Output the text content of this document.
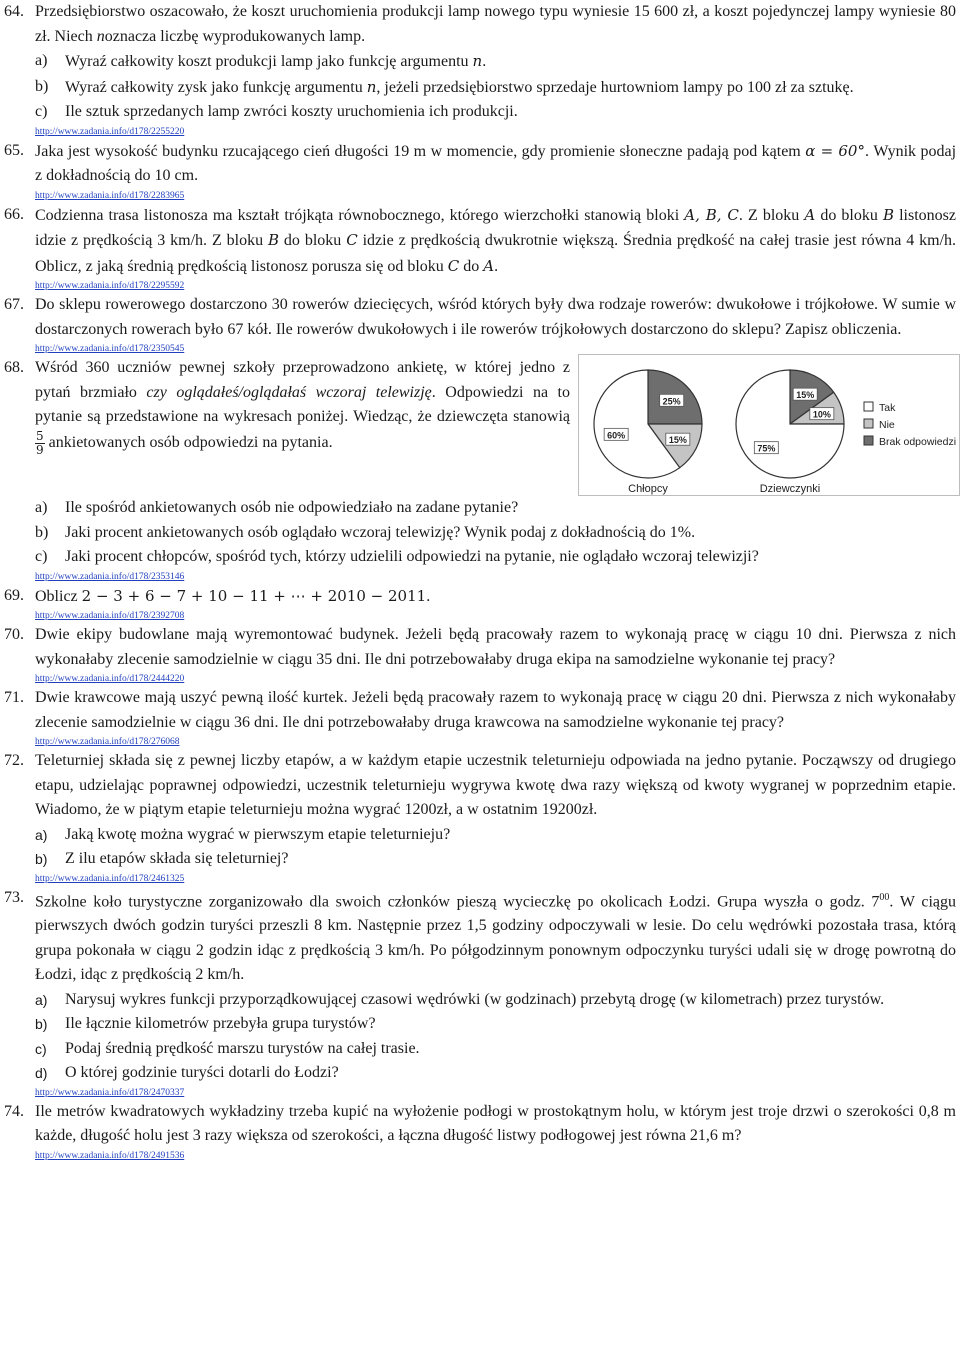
64. Przedsiębiorstwo oszacowało, że koszt uruchomienia produkcji lamp nowego typu wyniesie 15 600 zł, a koszt pojedynczej lampy wyniesie 80 zł. Niech noznacza liczbę wyprodukowanych lamp.

a) Wyraź całkowity koszt produkcji lamp jako funkcję argumentu n.
b) Wyraź całkowity zysk jako funkcję argumentu n, jeżeli przedsiębiorstwo sprzedaje hurtowniom lampy po 100 zł za sztukę.
c) Ile sztuk sprzedanych lamp zwróci koszty uruchomienia ich produkcji.
http://www.zadania.info/d178/2255220
65. Jaka jest wysokość budynku rzucającego cień długości 19 m w momencie, gdy promienie słoneczne padają pod kątem α = 60°. Wynik podaj z dokładnością do 10 cm.

http://www.zadania.info/d178/2283965
66. Codzienna trasa listonosza ma kształt trójkąta równobocznego, którego wierzchołki stanowią bloki A, B, C. Z bloku A do bloku B listonosz idzie z prędkością 3 km/h. Z bloku B do bloku C idzie z prędkością dwukrotnie większą. Średnia prędkość na całej trasie jest równa 4 km/h. Oblicz, z jaką średnią prędkością listonosz porusza się od bloku C do A.

http://www.zadania.info/d178/2295592
67. Do sklepu rowerowego dostarczono 30 rowerów dziecięcych, wśród których były dwa rodzaje rowerów: dwukołowe i trójkołowe. W sumie w dostarczonych rowerach było 67 kół. Ile rowerów dwukołowych i ile rowerów trójkołowych dostarczono do sklepu? Zapisz obliczenia.

http://www.zadania.info/d178/2350545
68.
60%	15%
25%
Chłopcy
75%
10%
15%
Dziewczynki
Tak
Nie
Brak odpowiedzi

Wśród 360 uczniów pewnej szkoły przeprowadzono ankietę, w której jedno z pytań brzmiało czy oglądałeś/oglądałaś wczoraj telewizję. Odpowiedzi na to pytanie są przedstawione na wykresach poniżej. Wiedząc, że dziewczęta stanowią
$\frac{5}{9}$ ankietowanych osób odpowiedzi na pytania.

a) Ile spośród ankietowanych osób nie odpowiedziało na zadane pytanie?
b) Jaki procent ankietowanych osób oglądało wczoraj telewizję? Wynik podaj z dokładnością do 1%.
c) Jaki procent chłopców, spośród tych, którzy udzielili odpowiedzi na pytanie, nie oglądało wczoraj telewizji?
http://www.zadania.info/d178/2353146
69. Oblicz 2 − 3 + 6 − 7 + 10 − 11 + ⋯ + 2010 − 2011.

http://www.zadania.info/d178/2392708
70. Dwie ekipy budowlane mają wyremontować budynek. Jeżeli będą pracowały razem to wykonają pracę w ciągu 10 dni. Pierwsza z nich wykonałaby zlecenie samodzielnie w ciągu 35 dni. Ile dni potrzebowałaby druga ekipa na samodzielne wykonanie tej pracy?

http://www.zadania.info/d178/2444220
71. Dwie krawcowe mają uszyć pewną ilość kurtek. Jeżeli będą pracowały razem to wykonają pracę w ciągu 20 dni. Pierwsza z nich wykonałaby zlecenie samodzielnie w ciągu 36 dni. Ile dni potrzebowałaby druga krawcowa na samodzielne wykonanie tej pracy?

http://www.zadania.info/d178/276068
72. Teleturniej składa się z pewnej liczby etapów, a w każdym etapie uczestnik teleturnieju odpowiada na jedno pytanie. Począwszy od drugiego etapu, udzielając poprawnej odpowiedzi, uczestnik teleturnieju wygrywa kwotę dwa razy większą od kwoty wygranej w poprzednim etapie. Wiadomo, że w piątym etapie teleturnieju można wygrać 1200zł, a w ostatnim 19200zł.

a) Jaką kwotę można wygrać w pierwszym etapie teleturnieju?
b) Z ilu etapów składa się teleturniej?
http://www.zadania.info/d178/2461325
73. Szkolne koło turystyczne zorganizowało dla swoich członków pieszą wycieczkę po okolicach Łodzi. Grupa wyszła o godz. $7^{00}$. W ciągu pierwszych dwóch godzin turyści przeszli 8 km. Następnie przez 1,5 godziny odpoczywali w lesie. Do celu wędrówki pozostała trasa, którą grupa pokonała w ciągu 2 godzin idąc z prędkością 3 km/h. Po półgodzinnym ponownym odpoczynku turyści udali się w drogę powrotną do Łodzi, idąc z prędkością 2 km/h.

a) Narysuj wykres funkcji przyporządkowującej czasowi wędrówki (w godzinach) przebytą drogę (w kilometrach) przez turystów.
b) Ile łącznie kilometrów przebyła grupa turystów?
c) Podaj średnią prędkość marszu turystów na całej trasie.
d) O której godzinie turyści dotarli do Łodzi?
http://www.zadania.info/d178/2470337
74. Ile metrów kwadratowych wykładziny trzeba kupić na wyłożenie podłogi w prostokątnym holu, w którym jest troje drzwi o szerokości 0,8 m każde, długość holu jest 3 razy większa od szerokości, a łączna długość listwy podłogowej jest równa 21,6 m?

http://www.zadania.info/d178/2491536
